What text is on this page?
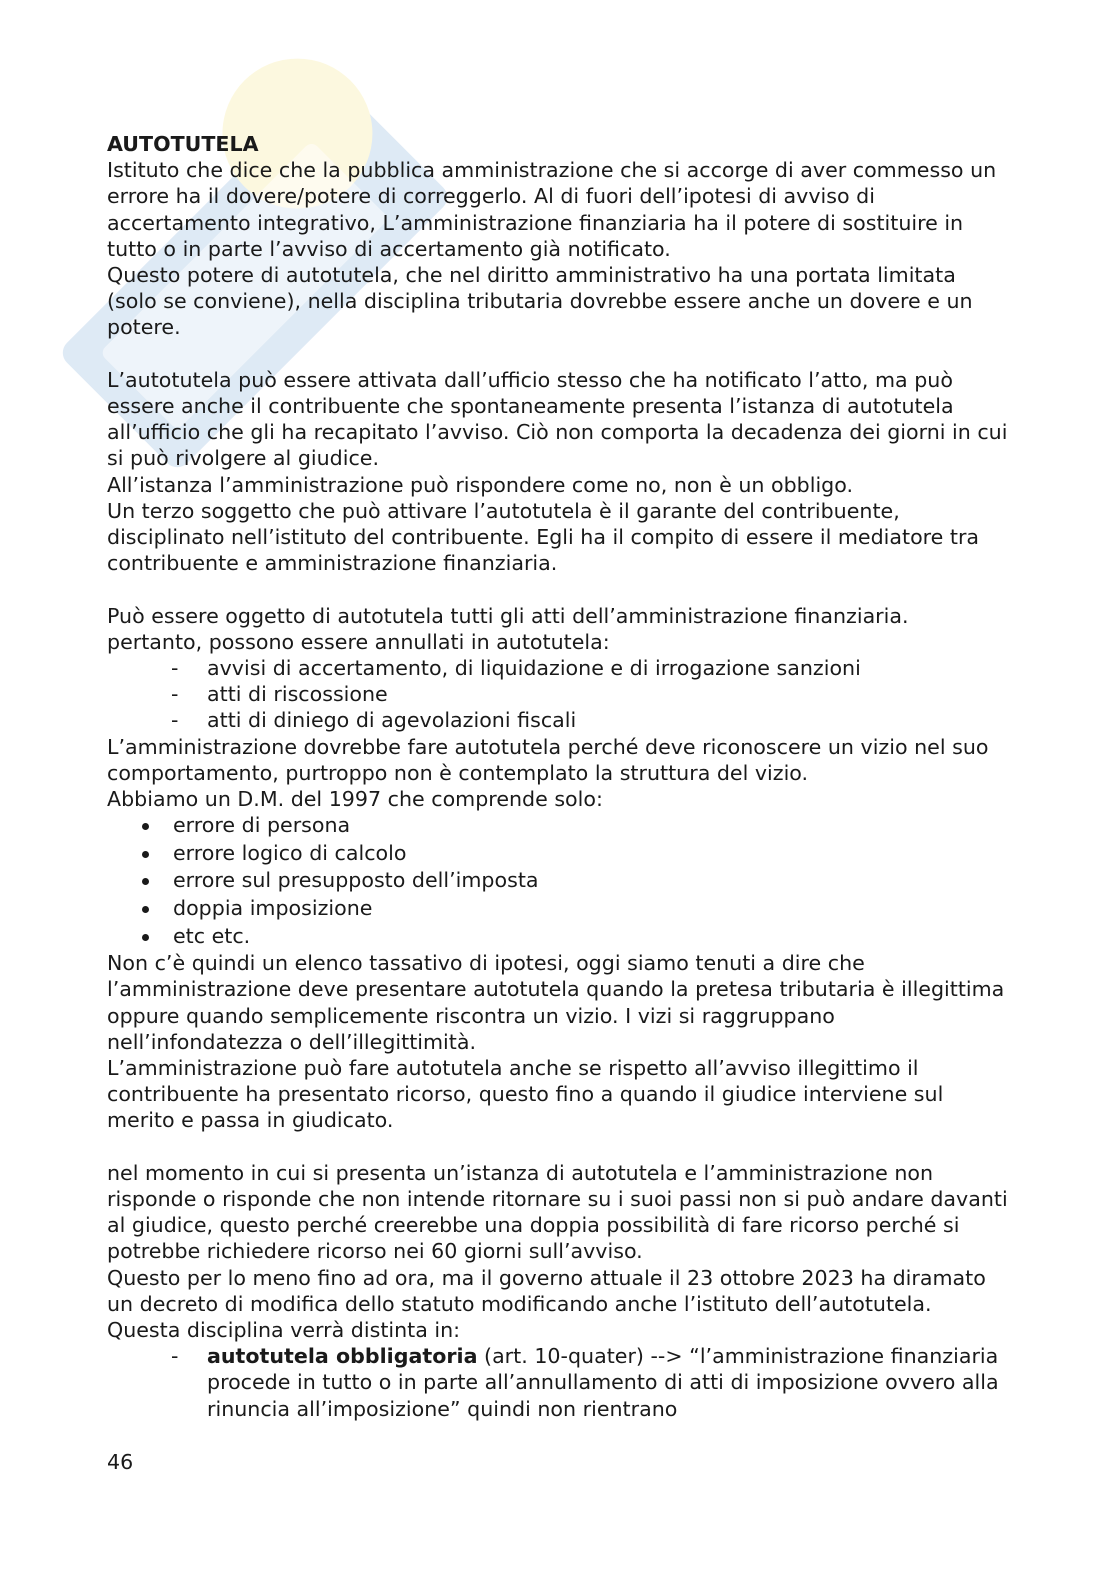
AUTOTUTELA

Istituto che dice che la pubblica amministrazione che si accorge di aver commesso un errore ha il dovere/potere di correggerlo. Al di fuori dell’ipotesi di avviso di accertamento integrativo, L’amministrazione finanziaria ha il potere di sostituire in tutto o in parte l’avviso di accertamento già notificato.

Questo potere di autotutela, che nel diritto amministrativo ha una portata limitata (solo se conviene), nella disciplina tributaria dovrebbe essere anche un dovere e un potere.

L’autotutela può essere attivata dall’ufficio stesso che ha notificato l’atto, ma può essere anche il contribuente che spontaneamente presenta l’istanza di autotutela all’ufficio che gli ha recapitato l’avviso. Ciò non comporta la decadenza dei giorni in cui si può rivolgere al giudice.

All’istanza l’amministrazione può rispondere come no, non è un obbligo.

Un terzo soggetto che può attivare l’autotutela è il garante del contribuente, disciplinato nell’istituto del contribuente. Egli ha il compito di essere il mediatore tra contribuente e amministrazione finanziaria.

Può essere oggetto di autotutela tutti gli atti dell’amministrazione finanziaria.

pertanto, possono essere annullati in autotutela:

- avvisi di accertamento, di liquidazione e di irrogazione sanzioni
- atti di riscossione
- atti di diniego di agevolazioni fiscali

L’amministrazione dovrebbe fare autotutela perché deve riconoscere un vizio nel suo comportamento, purtroppo non è contemplato la struttura del vizio.

Abbiamo un D.M. del 1997 che comprende solo:

errore di persona
errore logico di calcolo
errore sul presupposto dell’imposta
doppia imposizione
etc etc.

Non c’è quindi un elenco tassativo di ipotesi, oggi siamo tenuti a dire che l’amministrazione deve presentare autotutela quando la pretesa tributaria è illegittima oppure quando semplicemente riscontra un vizio. I vizi si raggruppano nell’infondatezza o dell’illegittimità.

L’amministrazione può fare autotutela anche se rispetto all’avviso illegittimo il contribuente ha presentato ricorso, questo fino a quando il giudice interviene sul merito e passa in giudicato.

nel momento in cui si presenta un’istanza di autotutela e l’amministrazione non risponde o risponde che non intende ritornare su i suoi passi non si può andare davanti al giudice, questo perché creerebbe una doppia possibilità di fare ricorso perché si potrebbe richiedere ricorso nei 60 giorni sull’avviso.

Questo per lo meno fino ad ora, ma il governo attuale il 23 ottobre 2023 ha diramato un decreto di modifica dello statuto modificando anche l’istituto dell’autotutela.

Questa disciplina verrà distinta in:

- autotutela obbligatoria (art. 10-quater) --> “l’amministrazione finanziaria procede in tutto o in parte all’annullamento di atti di imposizione ovvero alla rinuncia all’imposizione” quindi non rientrano
46
